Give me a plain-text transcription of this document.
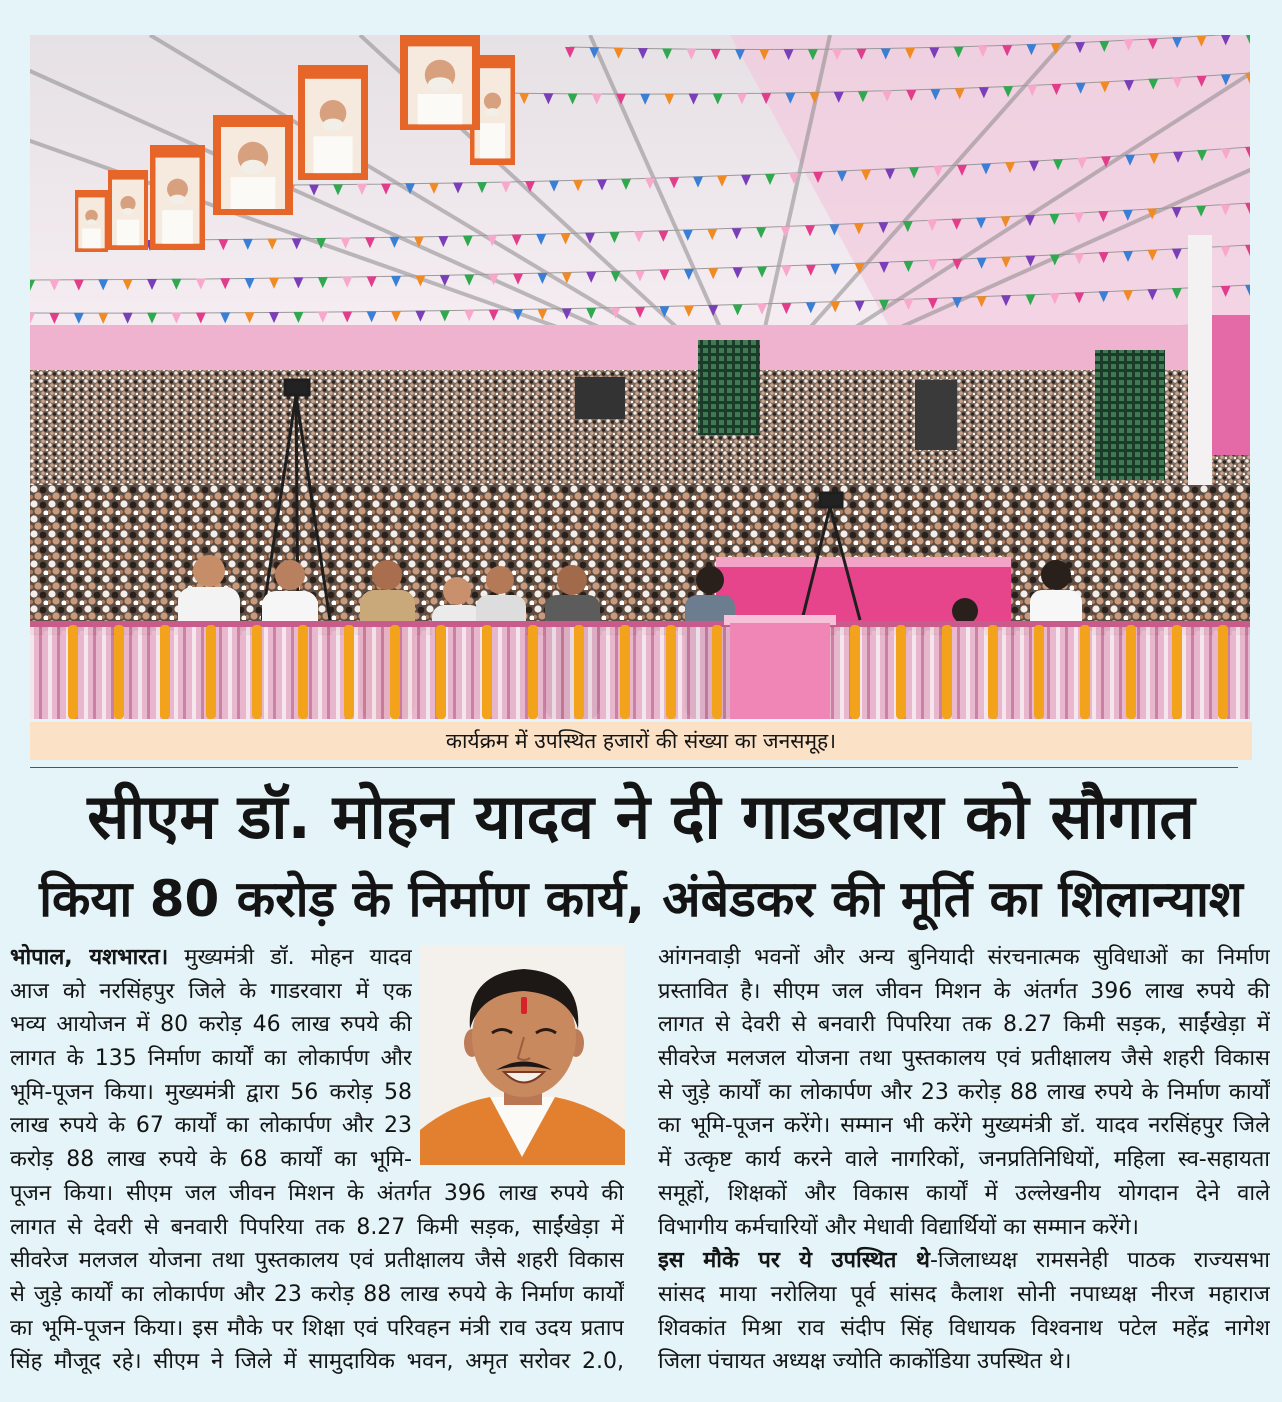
कार्यक्रम में उपस्थित हजारों की संख्या का जनसमूह।
सीएम डॉ. मोहन यादव ने दी गाडरवारा को सौगात
किया 80 करोड़ के निर्माण कार्य, अंबेडकर की मूर्ति का शिलान्याश
भोपाल, यशभारत। मुख्यमंत्री डॉ. मोहन यादव
आज को नरसिंहपुर जिले के गाडरवारा में एक
भव्य आयोजन में 80 करोड़ 46 लाख रुपये की
लागत के 135 निर्माण कार्यों का लोकार्पण और
भूमि-पूजन किया। मुख्यमंत्री द्वारा 56 करोड़ 58
लाख रुपये के 67 कार्यों का लोकार्पण और 23
करोड़ 88 लाख रुपये के 68 कार्यों का भूमि-
पूजन किया। सीएम जल जीवन मिशन के अंतर्गत 396 लाख रुपये की
लागत से देवरी से बनवारी पिपरिया तक 8.27 किमी सड़क, साईंखेड़ा में
सीवरेज मलजल योजना तथा पुस्तकालय एवं प्रतीक्षालय जैसे शहरी विकास
से जुड़े कार्यों का लोकार्पण और 23 करोड़ 88 लाख रुपये के निर्माण कार्यों
का भूमि-पूजन किया। इस मौके पर शिक्षा एवं परिवहन मंत्री राव उदय प्रताप
सिंह मौजूद रहे। सीएम ने जिले में सामुदायिक भवन, अमृत सरोवर 2.0,
आंगनवाड़ी भवनों और अन्य बुनियादी संरचनात्मक सुविधाओं का निर्माण
प्रस्तावित है। सीएम जल जीवन मिशन के अंतर्गत 396 लाख रुपये की
लागत से देवरी से बनवारी पिपरिया तक 8.27 किमी सड़क, साईंखेड़ा में
सीवरेज मलजल योजना तथा पुस्तकालय एवं प्रतीक्षालय जैसे शहरी विकास
से जुड़े कार्यों का लोकार्पण और 23 करोड़ 88 लाख रुपये के निर्माण कार्यों
का भूमि-पूजन करेंगे। सम्मान भी करेंगे मुख्यमंत्री डॉ. यादव नरसिंहपुर जिले
में उत्कृष्ट कार्य करने वाले नागरिकों, जनप्रतिनिधियों, महिला स्व-सहायता
समूहों, शिक्षकों और विकास कार्यों में उल्लेखनीय योगदान देने वाले
विभागीय कर्मचारियों और मेधावी विद्यार्थियों का सम्मान करेंगे।
इस मौके पर ये उपस्थित थे-जिलाध्यक्ष रामसनेही पाठक राज्यसभा
सांसद माया नरोलिया पूर्व सांसद कैलाश सोनी नपाध्यक्ष नीरज महाराज
शिवकांत मिश्रा राव संदीप सिंह विधायक विश्वनाथ पटेल महेंद्र नागेश
जिला पंचायत अध्यक्ष ज्योति काकोंडिया उपस्थित थे।
